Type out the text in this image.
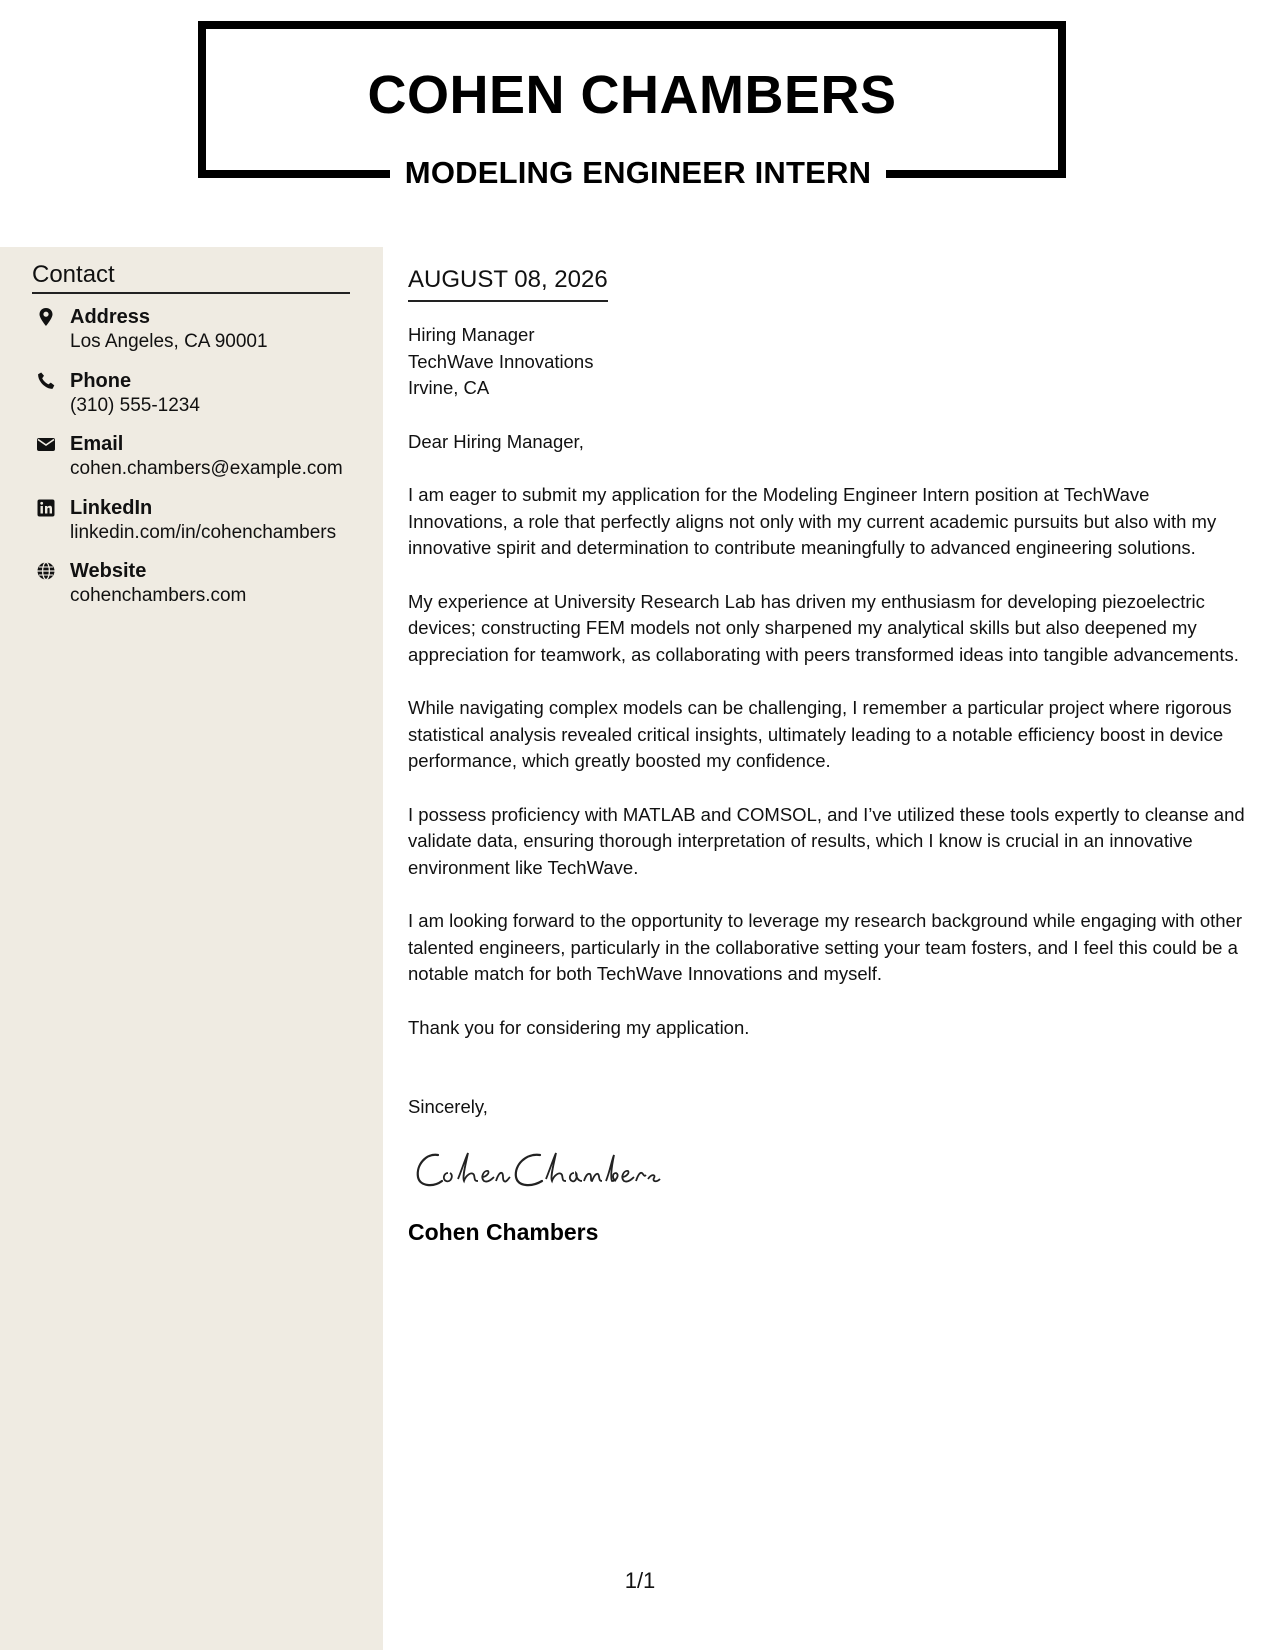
COHEN CHAMBERS
MODELING ENGINEER INTERN
Contact
Address
Los Angeles, CA 90001
Phone
(310) 555-1234
Email
cohen.chambers@example.com
LinkedIn
linkedin.com/in/cohenchambers
Website
cohenchambers.com
AUGUST 08, 2026
Hiring Manager
TechWave Innovations
Irvine, CA
Dear Hiring Manager,
I am eager to submit my application for the Modeling Engineer Intern position at TechWave Innovations, a role that perfectly aligns not only with my current academic pursuits but also with my innovative spirit and determination to contribute meaningfully to advanced engineering solutions.
My experience at University Research Lab has driven my enthusiasm for developing piezoelectric devices; constructing FEM models not only sharpened my analytical skills but also deepened my appreciation for teamwork, as collaborating with peers transformed ideas into tangible advancements.
While navigating complex models can be challenging, I remember a particular project where rigorous statistical analysis revealed critical insights, ultimately leading to a notable efficiency boost in device performance, which greatly boosted my confidence.
I possess proficiency with MATLAB and COMSOL, and I’ve utilized these tools expertly to cleanse and validate data, ensuring thorough interpretation of results, which I know is crucial in an innovative environment like TechWave.
I am looking forward to the opportunity to leverage my research background while engaging with other talented engineers, particularly in the collaborative setting your team fosters, and I feel this could be a notable match for both TechWave Innovations and myself.
Thank you for considering my application.
Sincerely,
Cohen Chambers
1/1
